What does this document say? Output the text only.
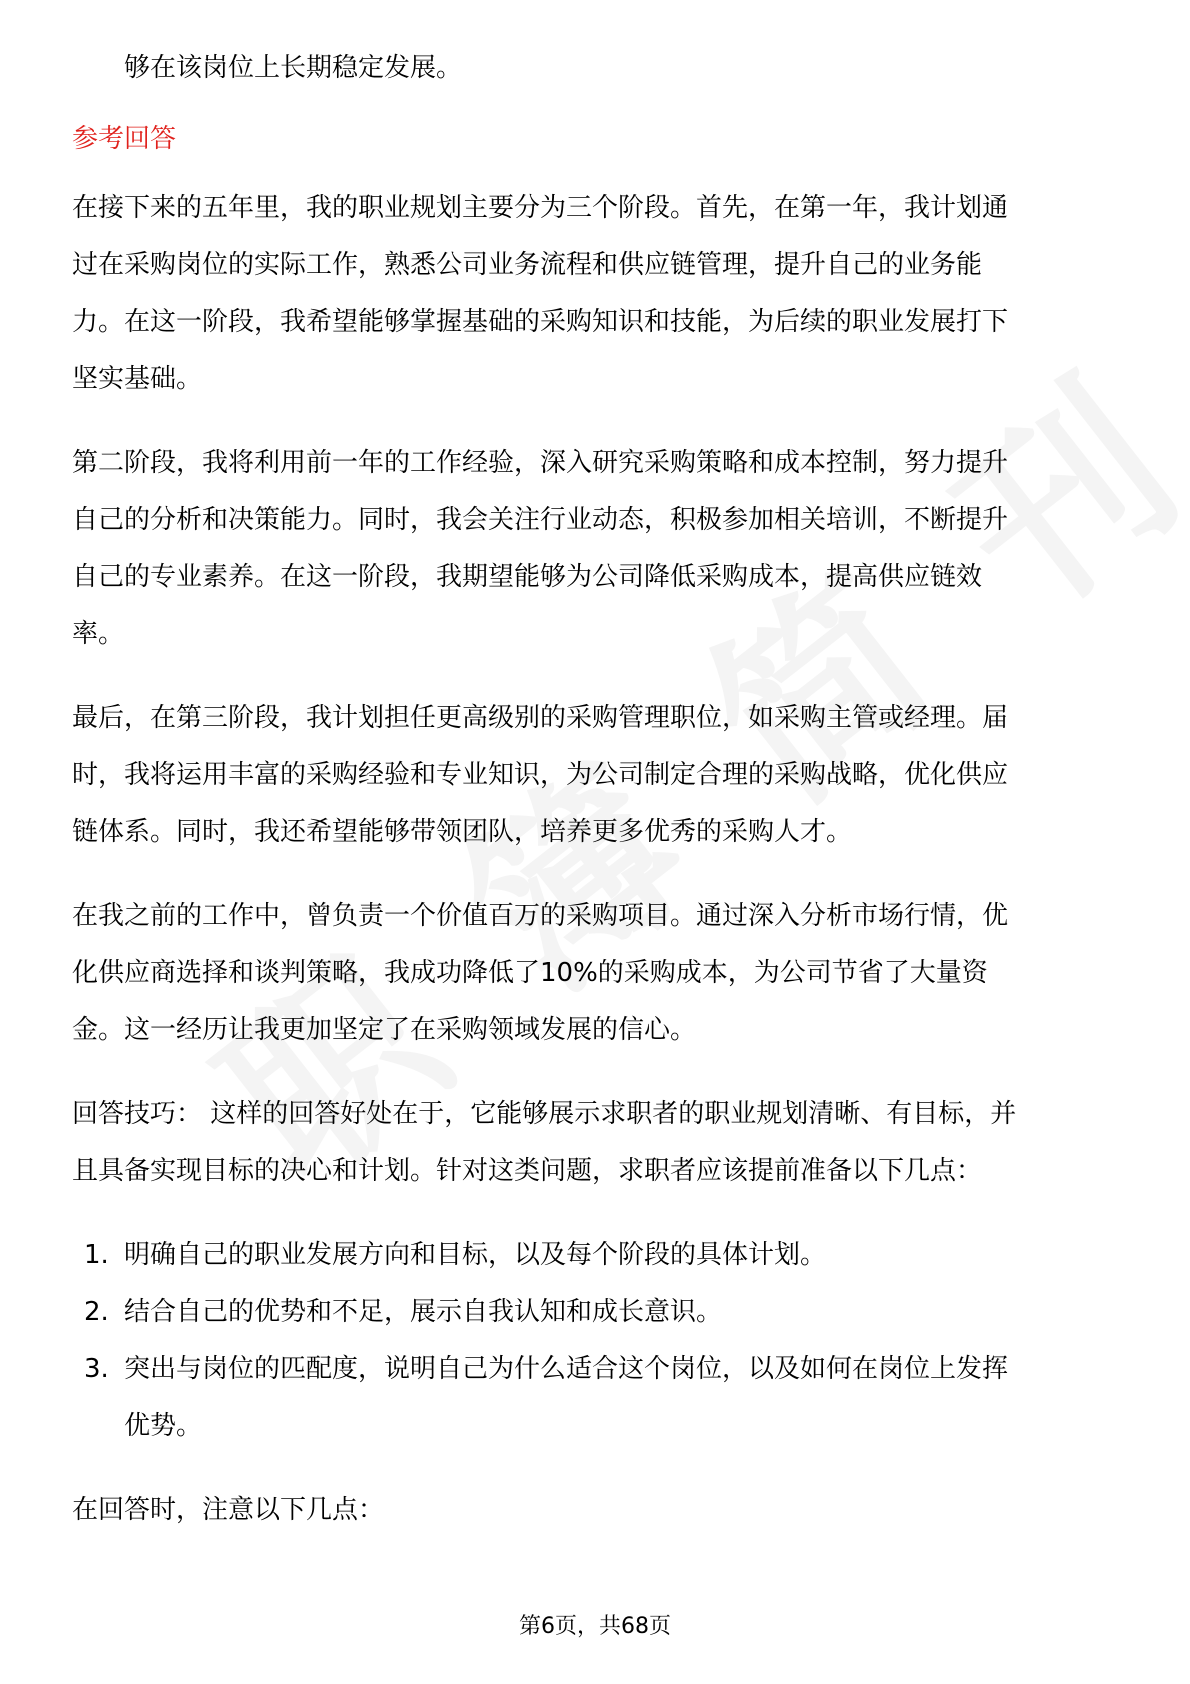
够在该岗位上长期稳定发展。
参考回答
在接下来的五年里，我的职业规划主要分为三个阶段。首先，在第一年，我计划通
过在采购岗位的实际工作，熟悉公司业务流程和供应链管理，提升自己的业务能
力。在这一阶段，我希望能够掌握基础的采购知识和技能，为后续的职业发展打下
坚实基础。
第二阶段，我将利用前一年的工作经验，深入研究采购策略和成本控制，努力提升
自己的分析和决策能力。同时，我会关注行业动态，积极参加相关培训，不断提升
自己的专业素养。在这一阶段，我期望能够为公司降低采购成本，提高供应链效
率。
最后，在第三阶段，我计划担任更高级别的采购管理职位，如采购主管或经理。届
时，我将运用丰富的采购经验和专业知识，为公司制定合理的采购战略，优化供应
链体系。同时，我还希望能够带领团队，培养更多优秀的采购人才。
在我之前的工作中，曾负责一个价值百万的采购项目。通过深入分析市场行情，优
化供应商选择和谈判策略，我成功降低了10%的采购成本，为公司节省了大量资
金。这一经历让我更加坚定了在采购领域发展的信心。
回答技巧： 这样的回答好处在于，它能够展示求职者的职业规划清晰、有目标，并
且具备实现目标的决心和计划。针对这类问题，求职者应该提前准备以下几点：
1. 明确自己的职业发展方向和目标，以及每个阶段的具体计划。
2. 结合自己的优势和不足，展示自我认知和成长意识。
3. 突出与岗位的匹配度，说明自己为什么适合这个岗位，以及如何在岗位上发挥
优势。
在回答时，注意以下几点：
第6页，共68页
